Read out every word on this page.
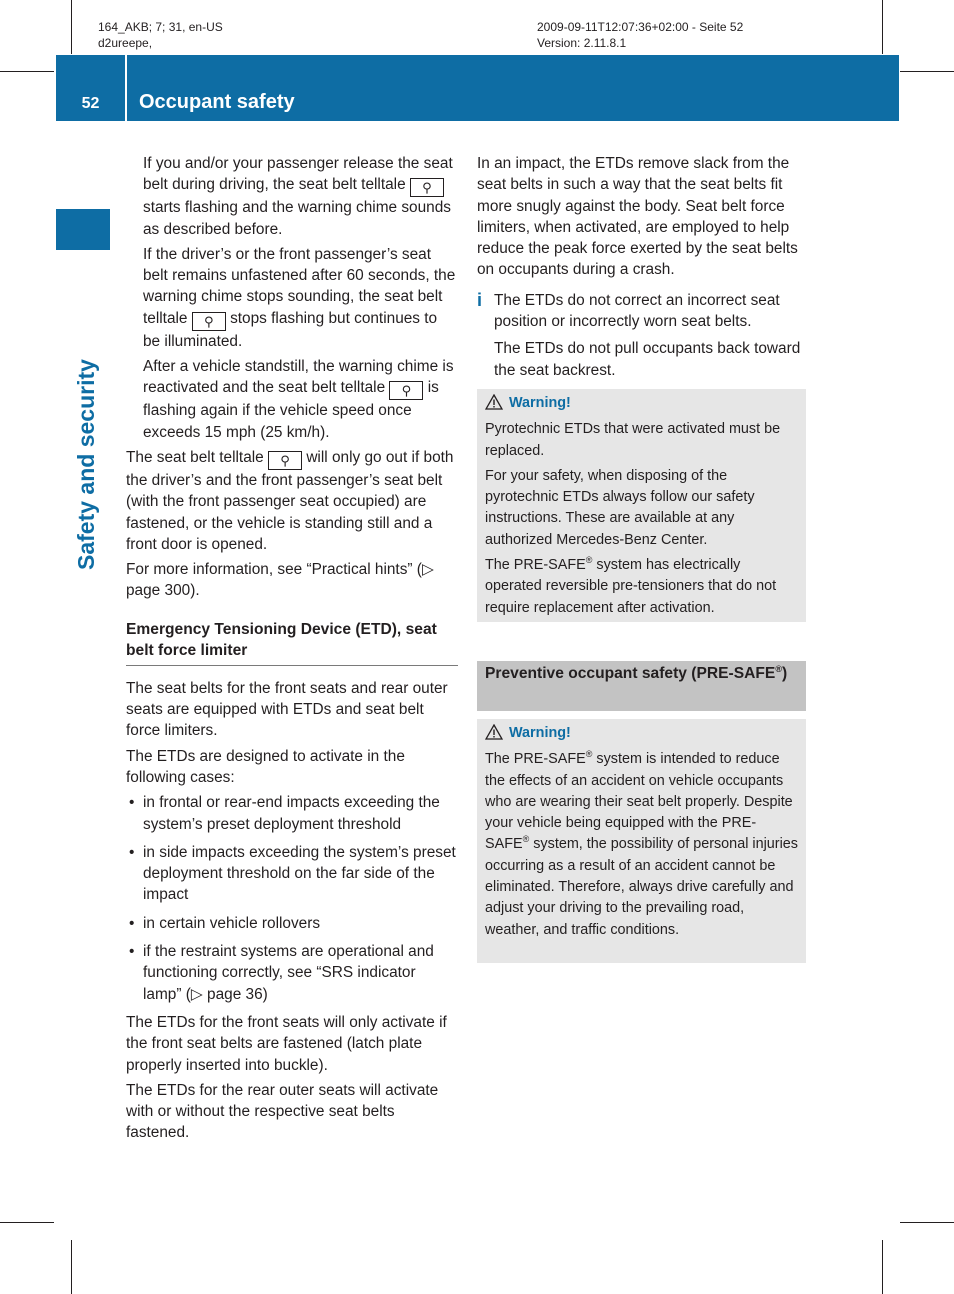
164_AKB; 7; 31, en-US
d2ureepe,
2009-09-11T12:07:36+02:00 - Seite 52
Version: 2.11.8.1
52	Occupant safety
Safety and security

If you and/or your passenger release the seat belt during driving, the seat belt telltale ⚲ starts flashing and the warning chime sounds as described before.

If the driver’s or the front passenger’s seat belt remains unfastened after 60 seconds, the warning chime stops sounding, the seat belt telltale ⚲ stops flashing but continues to be illuminated.

After a vehicle standstill, the warning chime is reactivated and the seat belt telltale ⚲ is flashing again if the vehicle speed once exceeds 15 mph (25 km/h).

The seat belt telltale ⚲ will only go out if both the driver’s and the front passenger’s seat belt (with the front passenger seat occupied) are fastened, or the vehicle is standing still and a front door is opened.

For more information, see “Practical hints” (▷ page 300).

Emergency Tensioning Device (ETD), seat belt force limiter

The seat belts for the front seats and rear outer seats are equipped with ETDs and seat belt force limiters.

The ETDs are designed to activate in the following cases:

• in frontal or rear-end impacts exceeding the system’s preset deployment threshold
• in side impacts exceeding the system’s preset deployment threshold on the far side of the impact
• in certain vehicle rollovers
• if the restraint systems are operational and functioning correctly, see “SRS indicator lamp” (▷ page 36)

The ETDs for the front seats will only activate if the front seat belts are fastened (latch plate properly inserted into buckle).

The ETDs for the rear outer seats will activate with or without the respective seat belts fastened.

In an impact, the ETDs remove slack from the seat belts in such a way that the seat belts fit more snugly against the body. Seat belt force limiters, when activated, are employed to help reduce the peak force exerted by the seat belts on occupants during a crash.

i The ETDs do not correct an incorrect seat position or incorrectly worn seat belts.
The ETDs do not pull occupants back toward the seat backrest.
Warning!

Pyrotechnic ETDs that were activated must be replaced.

For your safety, when disposing of the pyrotechnic ETDs always follow our safety instructions. These are available at any authorized Mercedes-Benz Center.

The PRE-SAFE® system has electrically operated reversible pre-tensioners that do not require replacement after activation.

Preventive occupant safety (PRE-SAFE®)
Warning!

The PRE-SAFE® system is intended to reduce the effects of an accident on vehicle occupants who are wearing their seat belt properly. Despite your vehicle being equipped with the PRE-SAFE® system, the possibility of personal injuries occurring as a result of an accident cannot be eliminated. Therefore, always drive carefully and adjust your driving to the prevailing road, weather, and traffic conditions.
